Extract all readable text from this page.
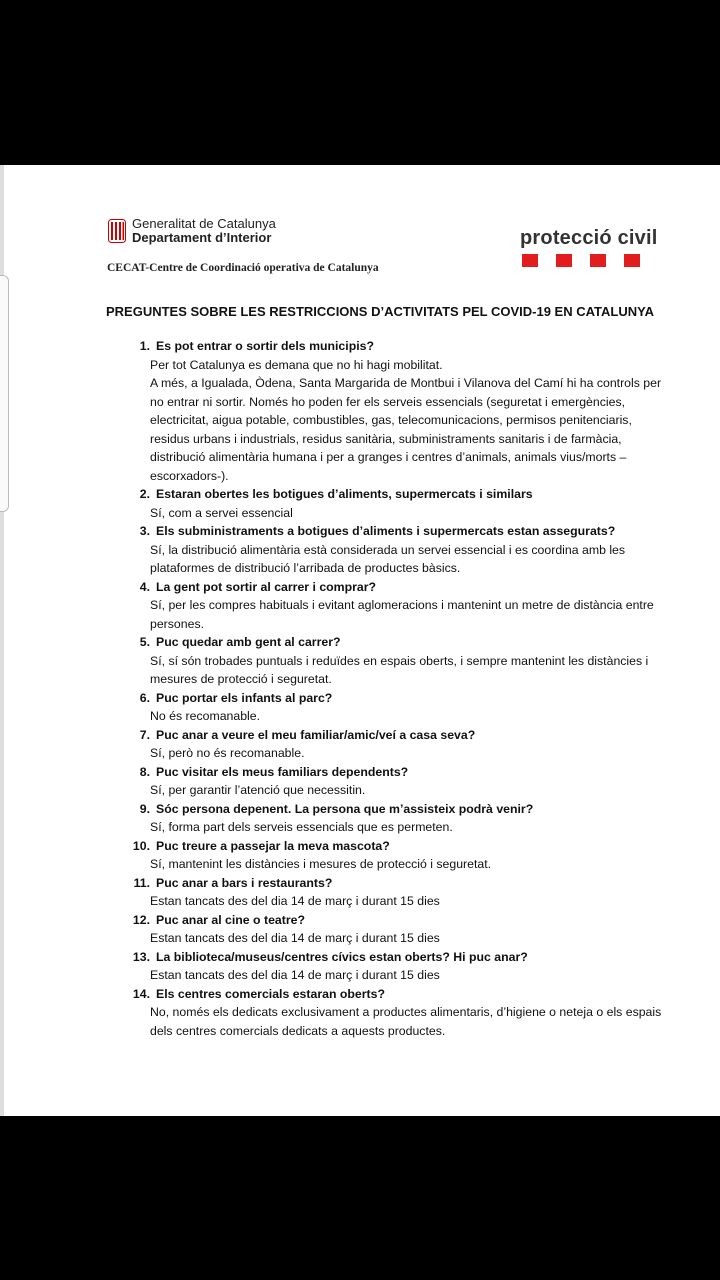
Generalitat de Catalunya
Departament d’Interior	protecció civil
CECAT-Centre de Coordinació operativa de Catalunya
PREGUNTES SOBRE LES RESTRICCIONS D’ACTIVITATS PEL COVID-19 EN CATALUNYA
1. Es pot entrar o sortir dels municipis?

Per tot Catalunya es demana que no hi hagi mobilitat.

A més, a Igualada, Òdena, Santa Margarida de Montbui i Vilanova del Camí hi ha controls per no entrar ni sortir. Només ho poden fer els serveis essencials (seguretat i emergències, electricitat, aigua potable, combustibles, gas, telecomunicacions, permisos penitenciaris, residus urbans i industrials, residus sanitària, subministraments sanitaris i de farmàcia, distribució alimentària humana i per a granges i centres d’animals, animals vius/morts – escorxadors-).

2. Estaran obertes les botigues d’aliments, supermercats i similars

Sí, com a servei essencial

3. Els subministraments a botigues d’aliments i supermercats estan assegurats?

Sí, la distribució alimentària està considerada un servei essencial i es coordina amb les plataformes de distribució l’arribada de productes bàsics.

4. La gent pot sortir al carrer i comprar?

Sí, per les compres habituals i evitant aglomeracions i mantenint un metre de distància entre persones.

5. Puc quedar amb gent al carrer?

Sí, sí són trobades puntuals i reduïdes en espais oberts, i sempre mantenint les distàncies i mesures de protecció i seguretat.

6. Puc portar els infants al parc?

No és recomanable.

7. Puc anar a veure el meu familiar/amic/veí a casa seva?

Sí, però no és recomanable.

8. Puc visitar els meus familiars dependents?

Sí, per garantir l’atenció que necessitin.

9. Sóc persona depenent. La persona que m’assisteix podrà venir?

Sí, forma part dels serveis essencials que es permeten.

10. Puc treure a passejar la meva mascota?

Sí, mantenint les distàncies i mesures de protecció i seguretat.

11. Puc anar a bars i restaurants?

Estan tancats des del dia 14 de març i durant 15 dies

12. Puc anar al cine o teatre?

Estan tancats des del dia 14 de març i durant 15 dies

13. La biblioteca/museus/centres cívics estan oberts? Hi puc anar?

Estan tancats des del dia 14 de març i durant 15 dies

14. Els centres comercials estaran oberts?

No, només els dedicats exclusivament a productes alimentaris, d’higiene o neteja o els espais dels centres comercials dedicats a aquests productes.
